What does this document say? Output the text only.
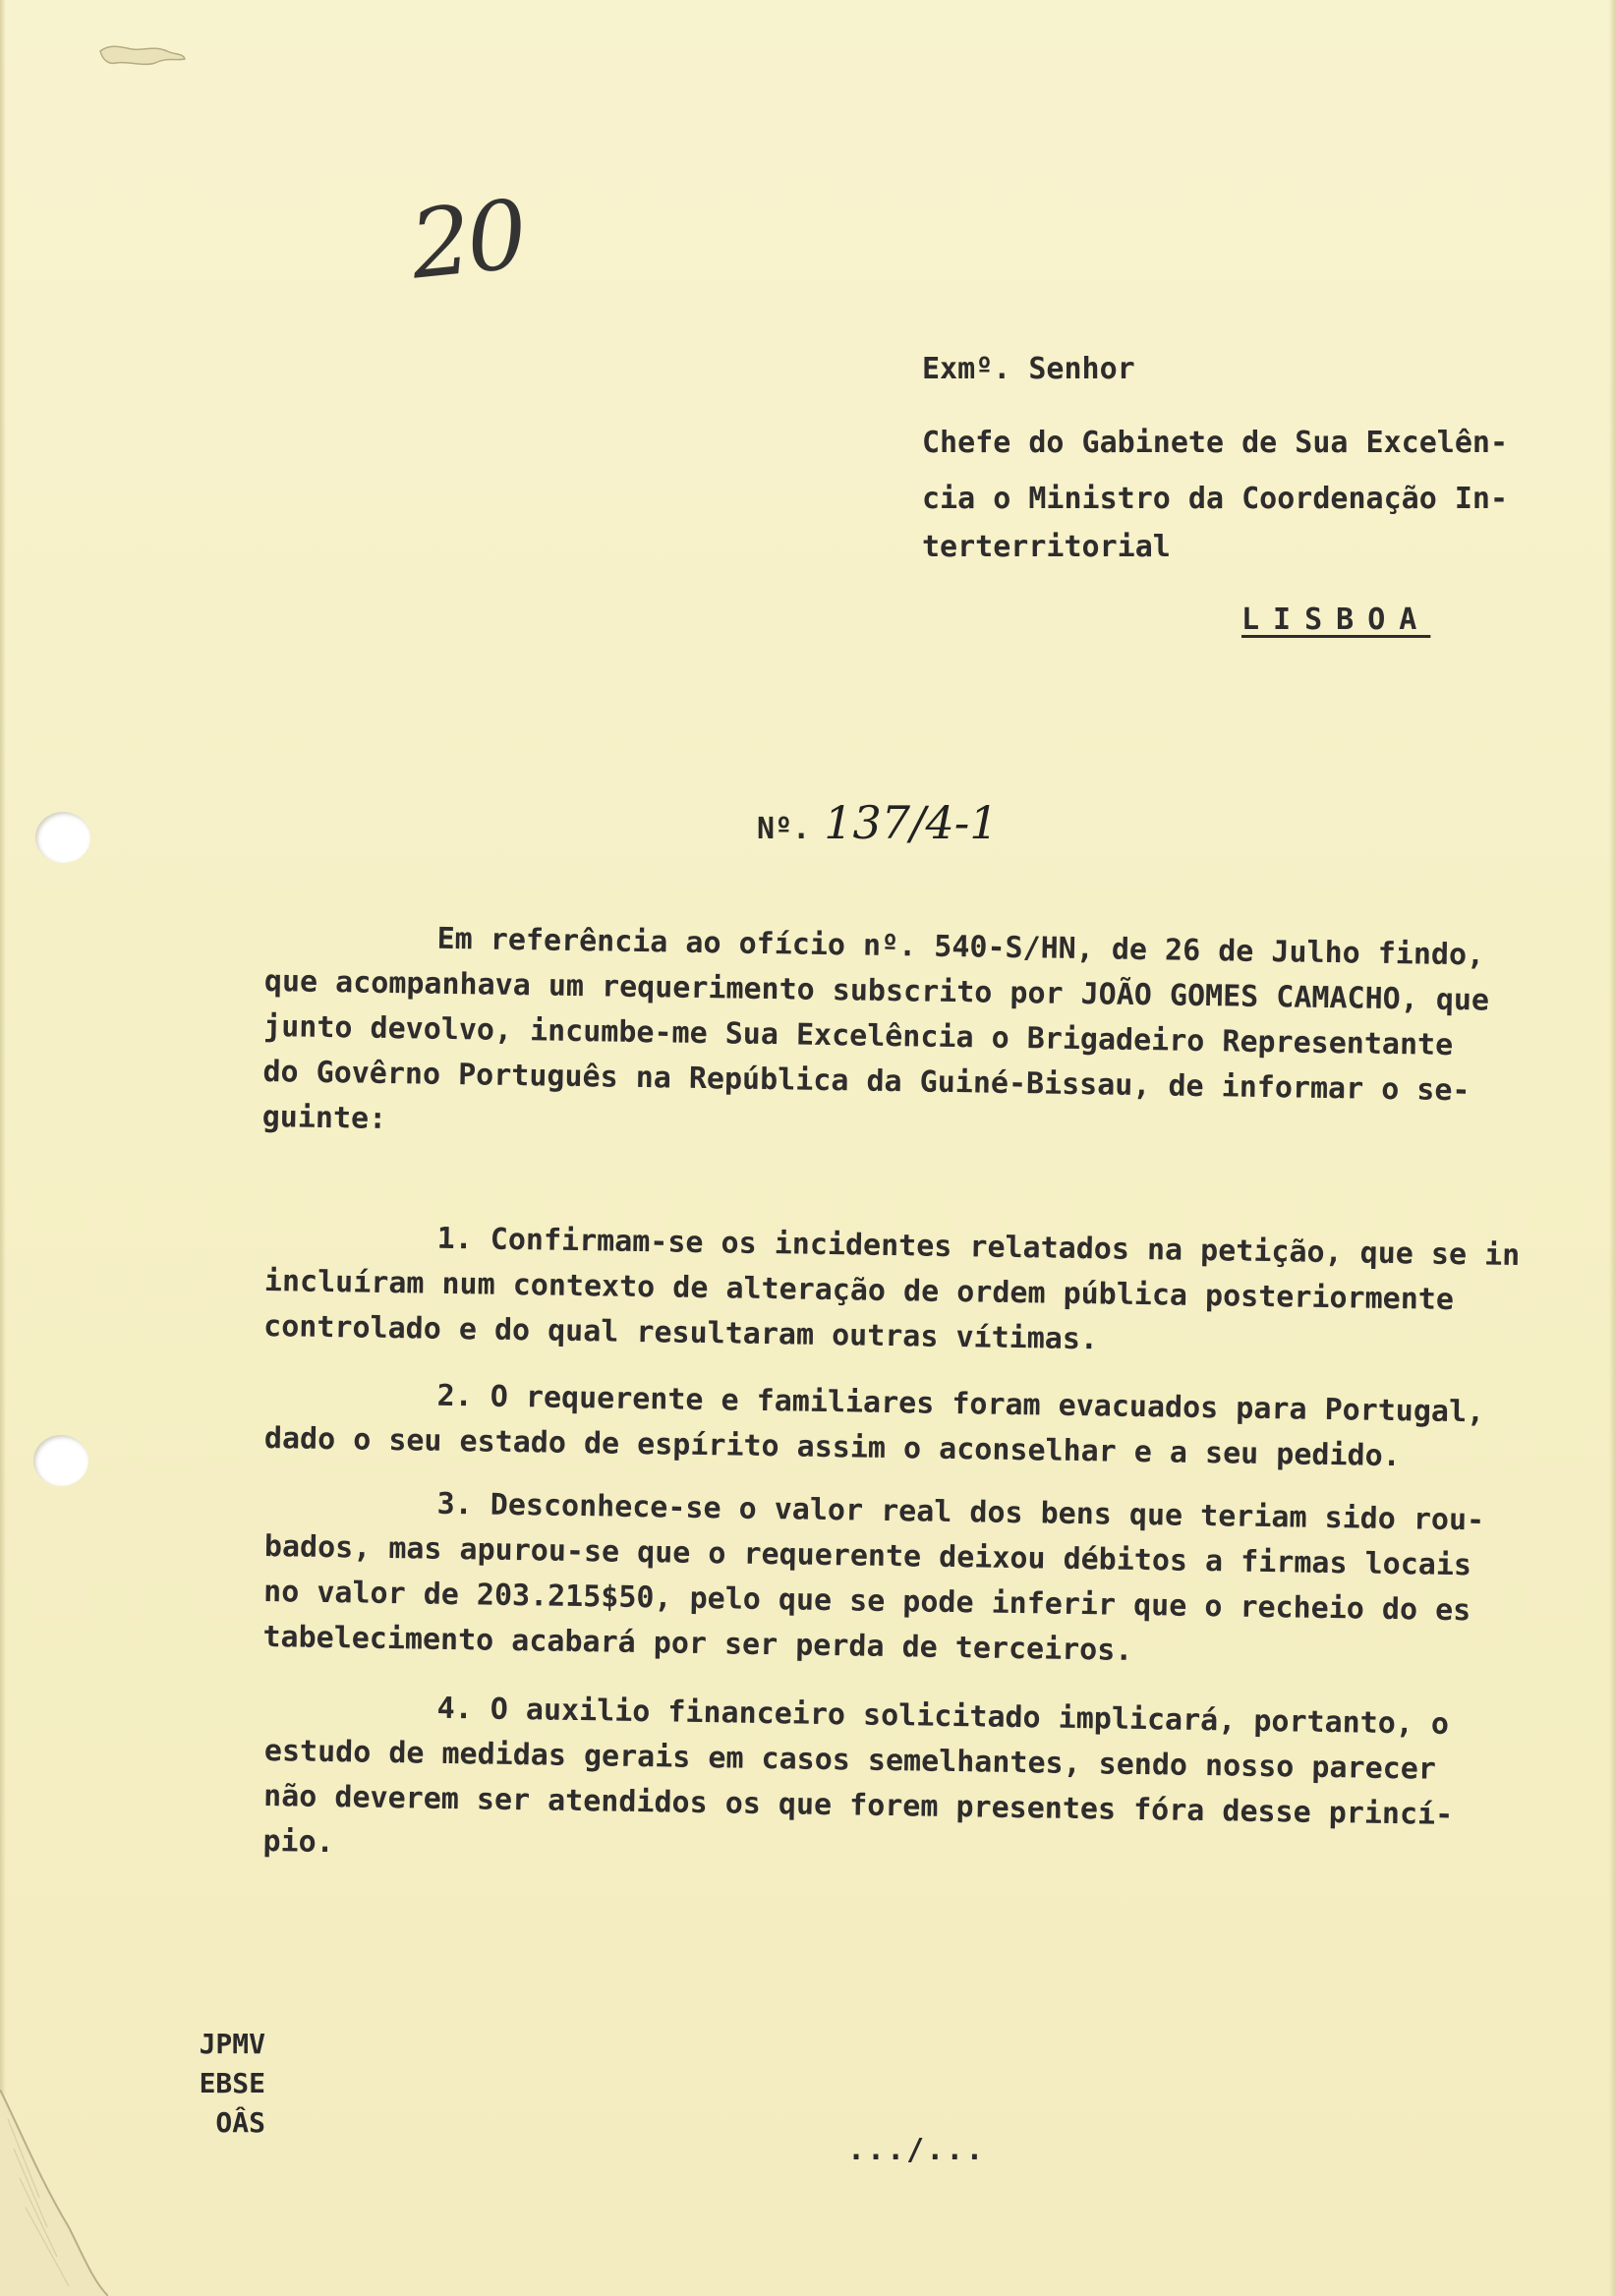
20
Exmº. Senhor
Chefe do Gabinete de Sua Excelên-
cia o Ministro da Coordenação In-
terterritorial
LISBOA
Nº. 137/4-1
Em referência ao ofício nº. 540-S/HN, de 26 de Julho findo,
que acompanhava um requerimento subscrito por JOÃO GOMES CAMACHO, que
junto devolvo, incumbe-me Sua Excelência o Brigadeiro Representante
do Govêrno Português na República da Guiné-Bissau, de informar o se-
guinte:
1. Confirmam-se os incidentes relatados na petição, que se in
incluíram num contexto de alteração de ordem pública posteriormente
controlado e do qual resultaram outras vítimas.
2. O requerente e familiares foram evacuados para Portugal,
dado o seu estado de espírito assim o aconselhar e a seu pedido.
3. Desconhece-se o valor real dos bens que teriam sido rou-
bados, mas apurou-se que o requerente deixou débitos a firmas locais
no valor de 203.215$50, pelo que se pode inferir que o recheio do es
tabelecimento acabará por ser perda de terceiros.
4. O auxilio financeiro solicitado implicará, portanto, o
estudo de medidas gerais em casos semelhantes, sendo nosso parecer
não deverem ser atendidos os que forem presentes fóra desse princí-
pio.
JPMV
EBSE
OÂS
.../...
